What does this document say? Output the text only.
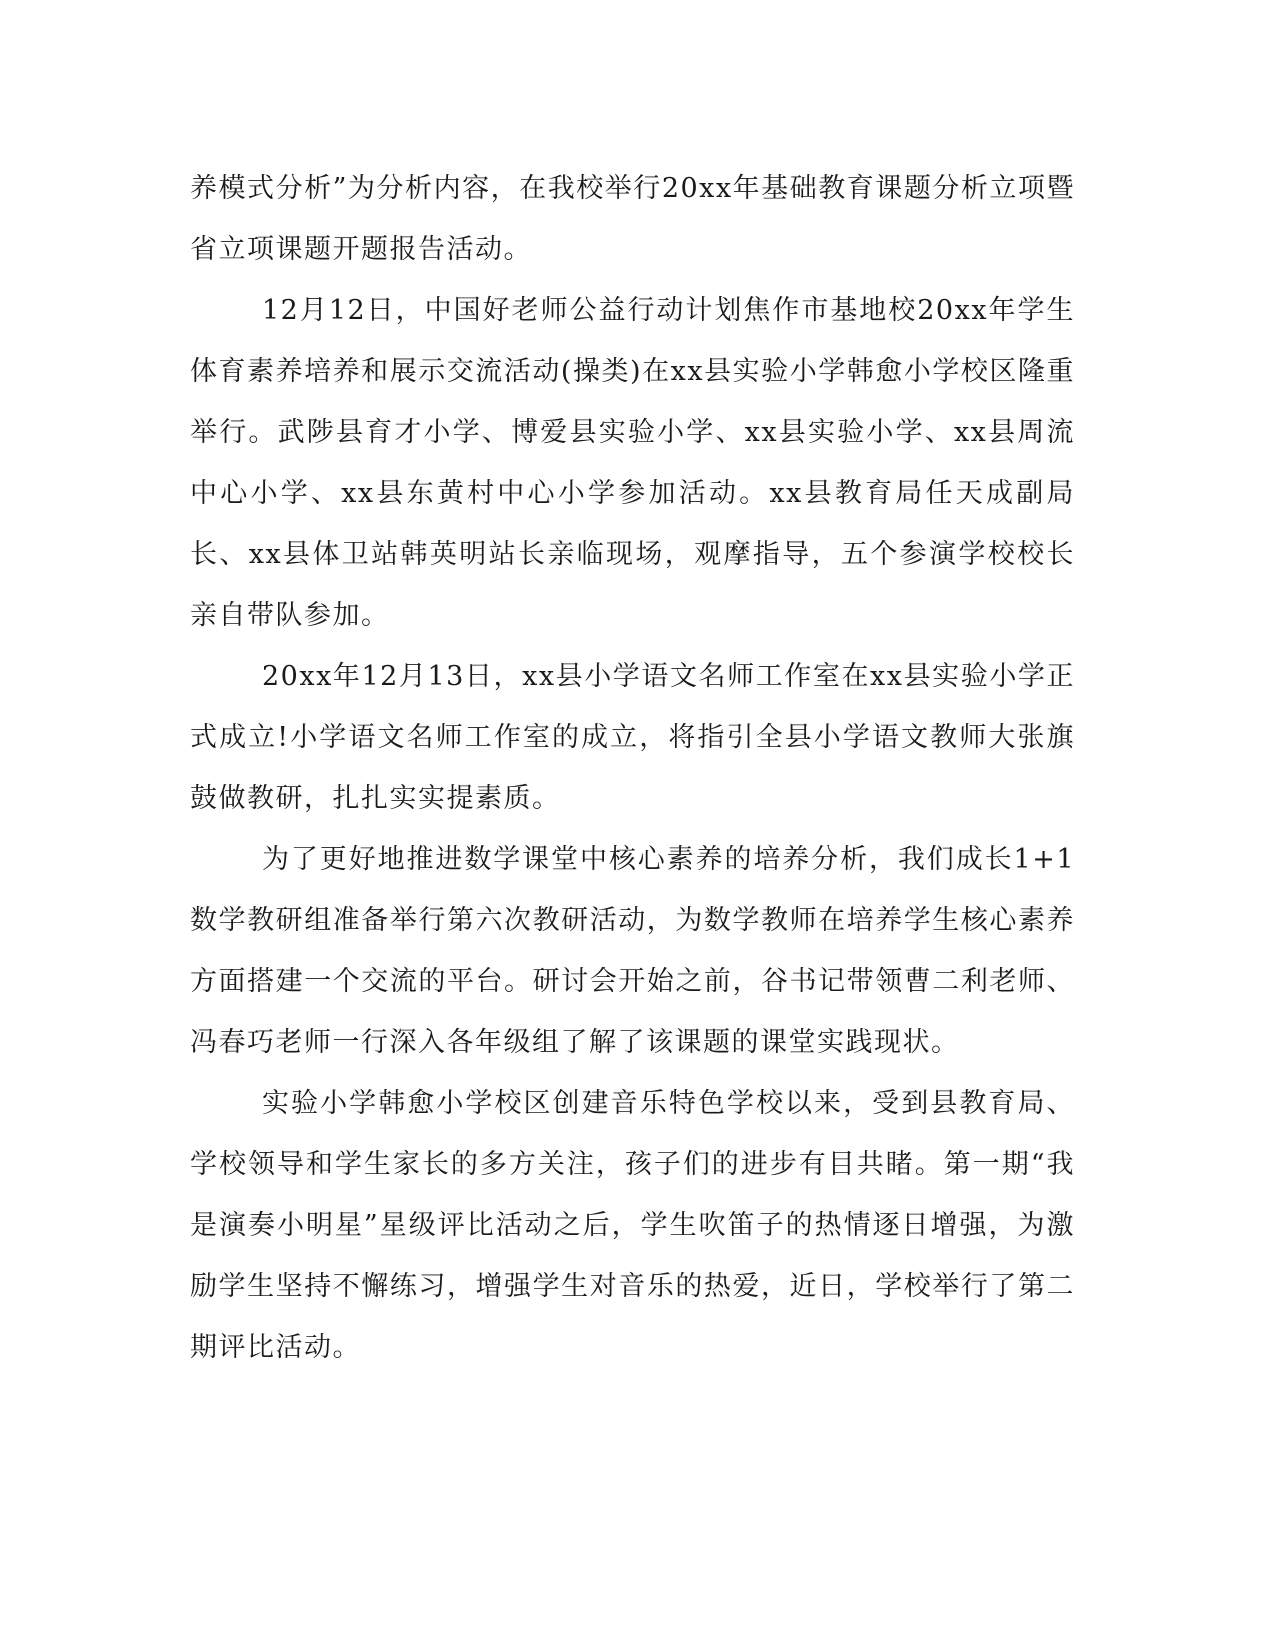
养模式分析”为分析内容，在我校举行20xx年基础教育课题分析立项暨省立项课题开题报告活动。

12月12日，中国好老师公益行动计划焦作市基地校20xx年学生体育素养培养和展示交流活动(操类)在xx县实验小学韩愈小学校区隆重举行。武陟县育才小学、博爱县实验小学、xx县实验小学、xx县周流中心小学、xx县东黄村中心小学参加活动。xx县教育局任天成副局长、xx县体卫站韩英明站长亲临现场，观摩指导，五个参演学校校长亲自带队参加。

20xx年12月13日，xx县小学语文名师工作室在xx县实验小学正式成立!小学语文名师工作室的成立，将指引全县小学语文教师大张旗鼓做教研，扎扎实实提素质。

为了更好地推进数学课堂中核心素养的培养分析，我们成长1+1数学教研组准备举行第六次教研活动，为数学教师在培养学生核心素养方面搭建一个交流的平台。研讨会开始之前，谷书记带领曹二利老师、冯春巧老师一行深入各年级组了解了该课题的课堂实践现状。

实验小学韩愈小学校区创建音乐特色学校以来，受到县教育局、学校领导和学生家长的多方关注，孩子们的进步有目共睹。第一期“我是演奏小明星”星级评比活动之后，学生吹笛子的热情逐日增强，为激励学生坚持不懈练习，增强学生对音乐的热爱，近日，学校举行了第二期评比活动。
